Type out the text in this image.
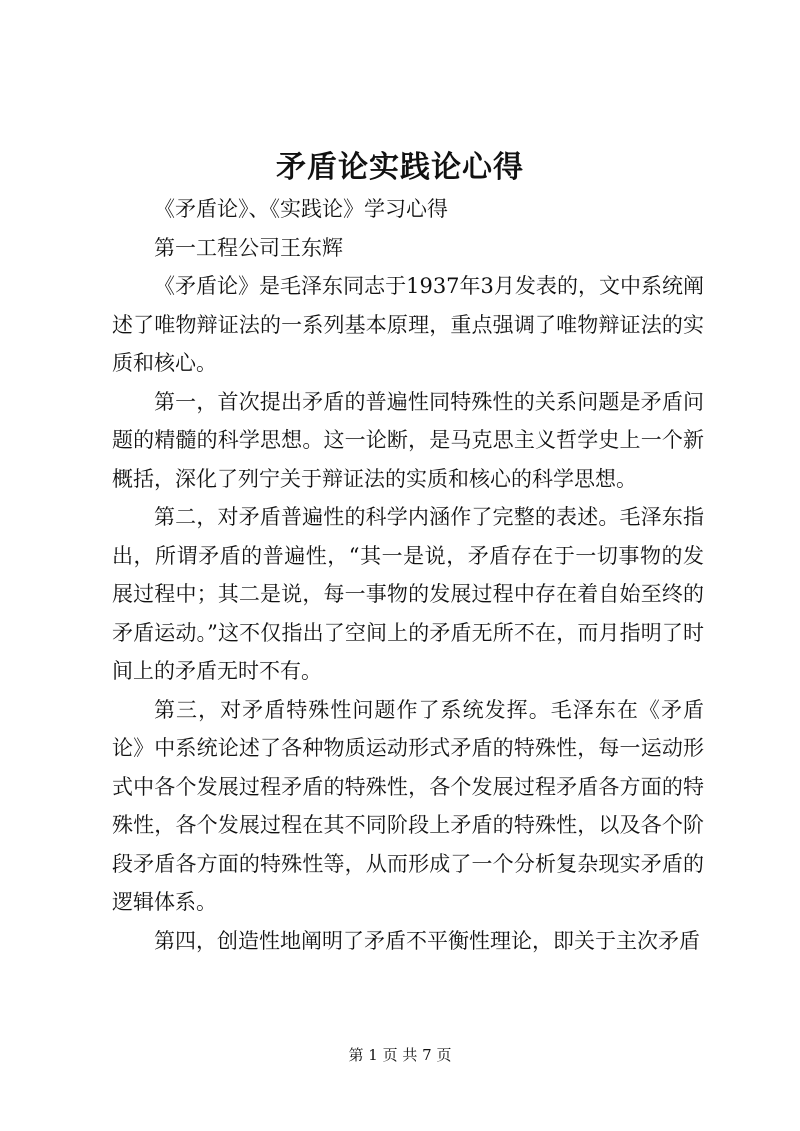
矛盾论实践论心得

《矛盾论》、《实践论》学习心得

第一工程公司王东辉

《矛盾论》是毛泽东同志于1937年3月发表的，文中系统阐述了唯物辩证法的一系列基本原理，重点强调了唯物辩证法的实质和核心。

第一，首次提出矛盾的普遍性同特殊性的关系问题是矛盾问题的精髓的科学思想。这一论断，是马克思主义哲学史上一个新概括，深化了列宁关于辩证法的实质和核心的科学思想。

第二，对矛盾普遍性的科学内涵作了完整的表述。毛泽东指出，所谓矛盾的普遍性，“其一是说，矛盾存在于一切事物的发展过程中；其二是说，每一事物的发展过程中存在着自始至终的矛盾运动。”这不仅指出了空间上的矛盾无所不在，而月指明了时间上的矛盾无时不有。

第三，对矛盾特殊性问题作了系统发挥。毛泽东在《矛盾论》中系统论述了各种物质运动形式矛盾的特殊性，每一运动形式中各个发展过程矛盾的特殊性，各个发展过程矛盾各方面的特殊性，各个发展过程在其不同阶段上矛盾的特殊性，以及各个阶段矛盾各方面的特殊性等，从而形成了一个分析复杂现实矛盾的逻辑体系。

第四，创造性地阐明了矛盾不平衡性理论，即关于主次矛盾

第 1 页 共 7 页
